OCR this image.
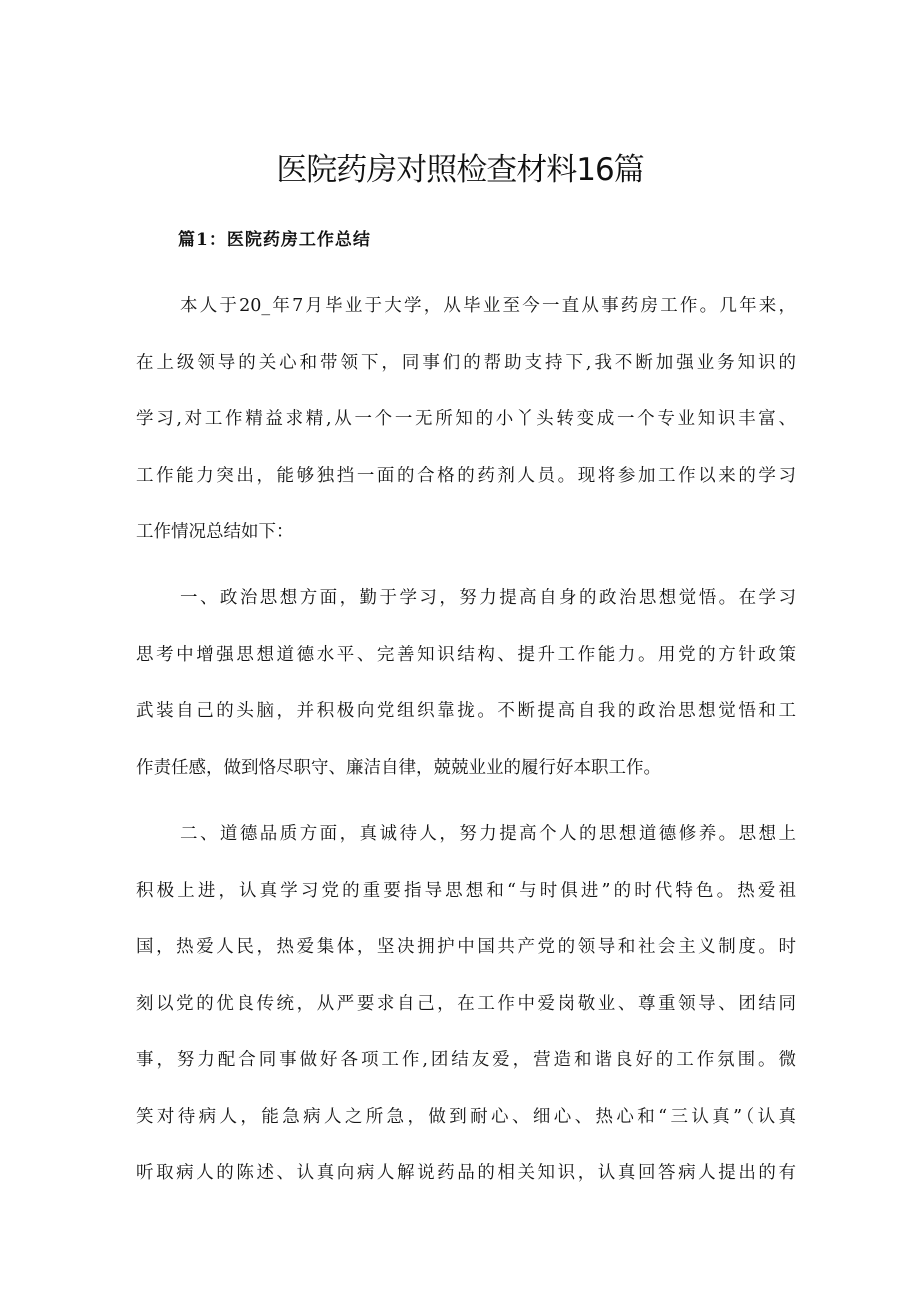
医院药房对照检查材料16篇
篇1：医院药房工作总结
本人于20_年7月毕业于大学，从毕业至今一直从事药房工作。几年来，
在上级领导的关心和带领下，同事们的帮助支持下,我不断加强业务知识的
学习,对工作精益求精,从一个一无所知的小丫头转变成一个专业知识丰富、
工作能力突出，能够独挡一面的合格的药剂人员。现将参加工作以来的学习
工作情况总结如下：
一、政治思想方面，勤于学习，努力提高自身的政治思想觉悟。在学习
思考中增强思想道德水平、完善知识结构、提升工作能力。用党的方针政策
武装自己的头脑，并积极向党组织靠拢。不断提高自我的政治思想觉悟和工
作责任感，做到恪尽职守、廉洁自律，兢兢业业的履行好本职工作。
二、道德品质方面，真诚待人，努力提高个人的思想道德修养。思想上
积极上进，认真学习党的重要指导思想和“与时俱进”的时代特色。热爱祖
国，热爱人民，热爱集体，坚决拥护中国共产党的领导和社会主义制度。时
刻以党的优良传统，从严要求自己，在工作中爱岗敬业、尊重领导、团结同
事，努力配合同事做好各项工作,团结友爱，营造和谐良好的工作氛围。微
笑对待病人，能急病人之所急，做到耐心、细心、热心和“三认真”（认真
听取病人的陈述、认真向病人解说药品的相关知识，认真回答病人提出的有
